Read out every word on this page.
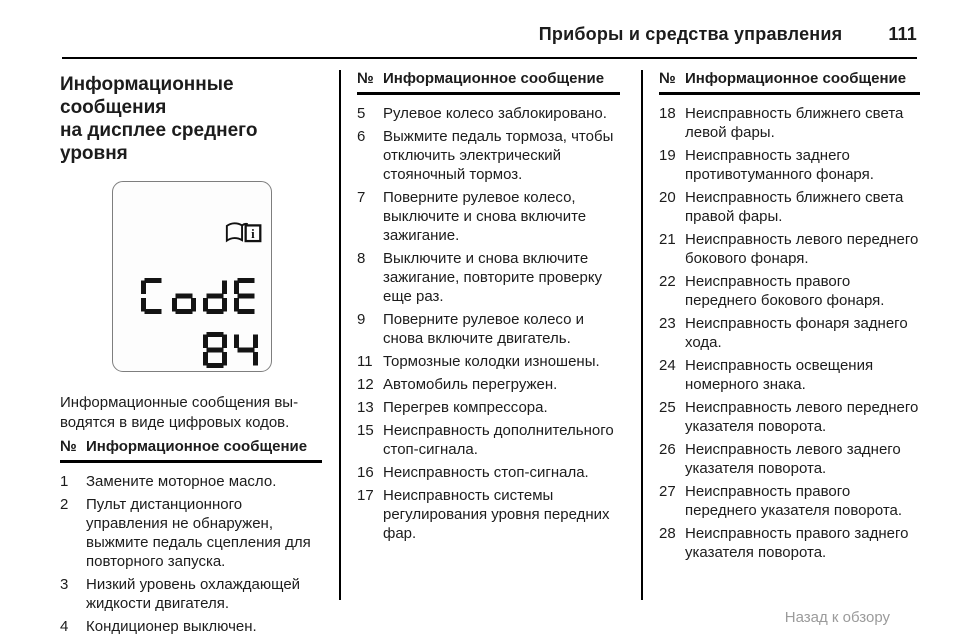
Приборы и средства управления	111
Информационные сообщения
на дисплее среднего уровня
i

Информационные сообщения вы-
водятся в виде цифровых кодов.

№ Информационное сообщение
1	Замените моторное масло.
2	Пульт дистанционного управления не обнаружен, выжмите педаль сцепления для повторного запуска.
3	Низкий уровень охлаждающей жидкости двигателя.
4	Кондиционер выключен.
№ Информационное сообщение
5	Рулевое колесо заблокировано.
6	Выжмите педаль тормоза, чтобы отключить электрический стояночный тормоз.
7	Поверните рулевое колесо, выключите и снова включите зажигание.
8	Выключите и снова включите зажигание, повторите проверку еще раз.
9	Поверните рулевое колесо и снова включите двигатель.
11 Тормозные колодки изношены.
12 Автомобиль перегружен.
13 Перегрев компрессора.
15 Неисправность дополнительного стоп-сигнала.
16 Неисправность стоп-сигнала.
17 Неисправность системы регулирования уровня передних фар.
№ Информационное сообщение
18 Неисправность ближнего света левой фары.
19 Неисправность заднего противотуманного фонаря.
20 Неисправность ближнего света правой фары.
21 Неисправность левого переднего бокового фонаря.
22 Неисправность правого переднего бокового фонаря.
23 Неисправность фонаря заднего хода.
24 Неисправность освещения номерного знака.
25 Неисправность левого переднего указателя поворота.
26 Неисправность левого заднего указателя поворота.
27 Неисправность правого переднего указателя поворота.
28 Неисправность правого заднего указателя поворота.
Назад к обзору
